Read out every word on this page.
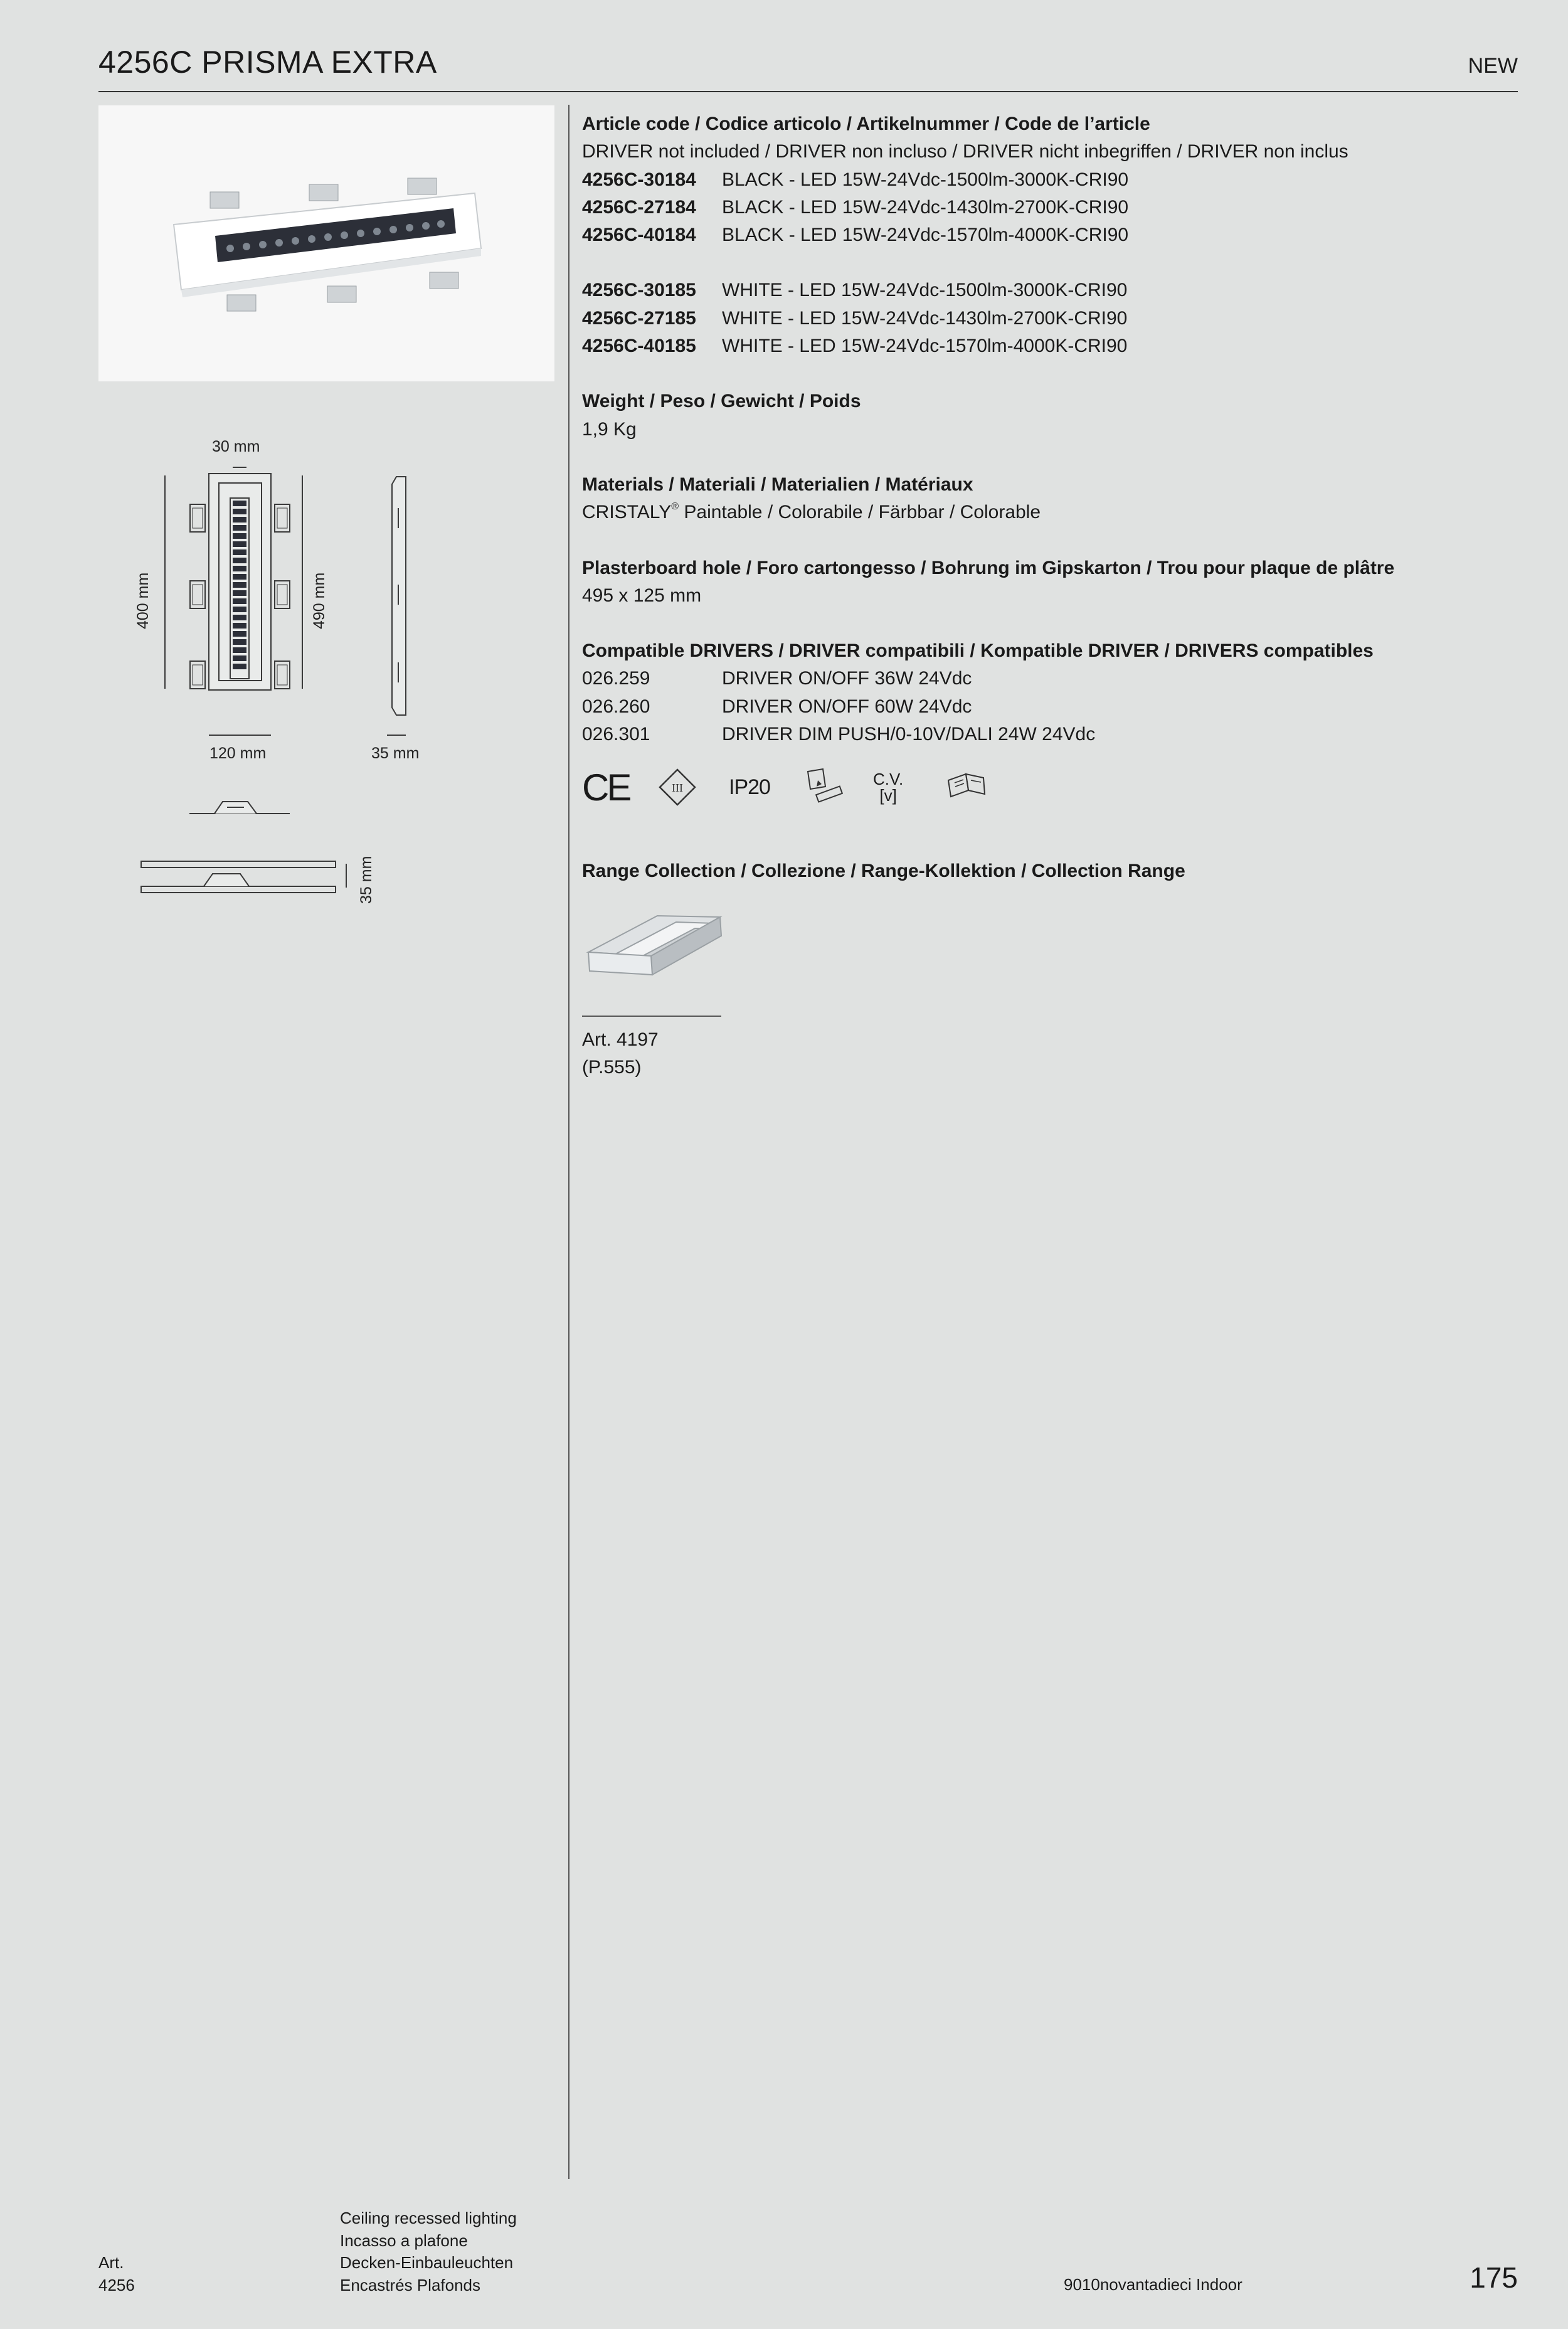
4256C PRISMA EXTRA	NEW
30 mm
400 mm	490 mm
120 mm	35 mm
35 mm
Article code / Codice articolo / Artikelnummer / Code de l’article
DRIVER not included / DRIVER non incluso / DRIVER nicht inbegriffen / DRIVER non inclus
4256C-30184	BLACK - LED 15W-24Vdc-1500lm-3000K-CRI90
4256C-27184	BLACK - LED 15W-24Vdc-1430lm-2700K-CRI90
4256C-40184	BLACK - LED 15W-24Vdc-1570lm-4000K-CRI90
4256C-30185	WHITE - LED 15W-24Vdc-1500lm-3000K-CRI90
4256C-27185	WHITE - LED 15W-24Vdc-1430lm-2700K-CRI90
4256C-40185	WHITE - LED 15W-24Vdc-1570lm-4000K-CRI90
Weight / Peso / Gewicht / Poids
1,9 Kg
Materials / Materiali / Materialien / Matériaux
CRISTALY® Paintable / Colorabile / Färbbar / Colorable
Plasterboard hole / Foro cartongesso / Bohrung im Gipskarton / Trou pour plaque de plâtre
495 x 125 mm
Compatible DRIVERS / DRIVER compatibili / Kompatible DRIVER / DRIVERS compatibles
026.259	DRIVER ON/OFF 36W 24Vdc
026.260	DRIVER ON/OFF 60W 24Vdc
026.301	DRIVER DIM PUSH/0-10V/DALI 24W 24Vdc
CE	III IP20	C.V.
[v]
Range Collection / Collezione / Range-Kollektion / Collection Range
Art. 4197
(P.555)
Art.
4256
Ceiling recessed lighting
Incasso a plafone
Decken-Einbauleuchten
Encastrés Plafonds	9010novantadieci Indoor	175
